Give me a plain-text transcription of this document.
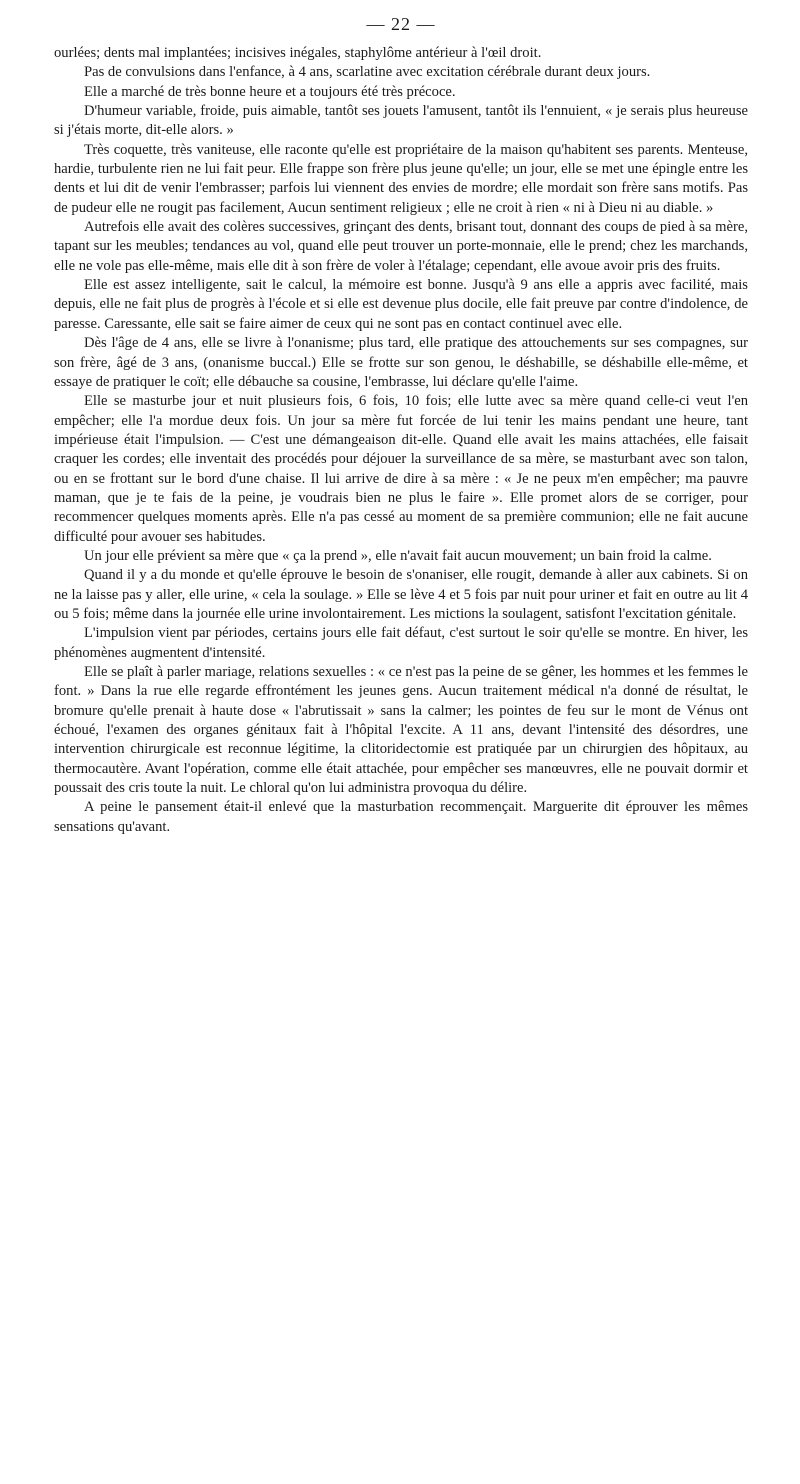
— 22 —

ourlées; dents mal implantées; incisives inégales, staphylôme antérieur à l'œil droit.

Pas de convulsions dans l'enfance, à 4 ans, scarlatine avec excitation cérébrale durant deux jours.

Elle a marché de très bonne heure et a toujours été très précoce.

D'humeur variable, froide, puis aimable, tantôt ses jouets l'amusent, tantôt ils l'ennuient, « je serais plus heureuse si j'étais morte, dit-elle alors. »

Très coquette, très vaniteuse, elle raconte qu'elle est propriétaire de la maison qu'habitent ses parents. Menteuse, hardie, turbulente rien ne lui fait peur. Elle frappe son frère plus jeune qu'elle; un jour, elle se met une épingle entre les dents et lui dit de venir l'embrasser; parfois lui viennent des envies de mordre; elle mordait son frère sans motifs. Pas de pudeur elle ne rougit pas facilement, Aucun sentiment religieux ; elle ne croit à rien « ni à Dieu ni au diable. »

Autrefois elle avait des colères successives, grinçant des dents, brisant tout, donnant des coups de pied à sa mère, tapant sur les meubles; tendances au vol, quand elle peut trouver un porte-monnaie, elle le prend; chez les marchands, elle ne vole pas elle-même, mais elle dit à son frère de voler à l'étalage; cependant, elle avoue avoir pris des fruits.

Elle est assez intelligente, sait le calcul, la mémoire est bonne. Jusqu'à 9 ans elle a appris avec facilité, mais depuis, elle ne fait plus de progrès à l'école et si elle est devenue plus docile, elle fait preuve par contre d'indolence, de paresse. Caressante, elle sait se faire aimer de ceux qui ne sont pas en contact continuel avec elle.

Dès l'âge de 4 ans, elle se livre à l'onanisme; plus tard, elle pratique des attouchements sur ses compagnes, sur son frère, âgé de 3 ans, (onanisme buccal.) Elle se frotte sur son genou, le déshabille, se déshabille elle-même, et essaye de pratiquer le coït; elle débauche sa cousine, l'embrasse, lui déclare qu'elle l'aime.

Elle se masturbe jour et nuit plusieurs fois, 6 fois, 10 fois; elle lutte avec sa mère quand celle-ci veut l'en empêcher; elle l'a mordue deux fois. Un jour sa mère fut forcée de lui tenir les mains pendant une heure, tant impérieuse était l'impulsion. — C'est une démangeaison dit-elle. Quand elle avait les mains attachées, elle faisait craquer les cordes; elle inventait des procédés pour déjouer la surveillance de sa mère, se masturbant avec son talon, ou en se frottant sur le bord d'une chaise. Il lui arrive de dire à sa mère : « Je ne peux m'en empêcher; ma pauvre maman, que je te fais de la peine, je voudrais bien ne plus le faire ». Elle promet alors de se corriger, pour recommencer quelques moments après. Elle n'a pas cessé au moment de sa première communion; elle ne fait aucune difficulté pour avouer ses habitudes.

Un jour elle prévient sa mère que « ça la prend », elle n'avait fait aucun mouvement; un bain froid la calme.

Quand il y a du monde et qu'elle éprouve le besoin de s'onaniser, elle rougit, demande à aller aux cabinets. Si on ne la laisse pas y aller, elle urine, « cela la soulage. » Elle se lève 4 et 5 fois par nuit pour uriner et fait en outre au lit 4 ou 5 fois; même dans la journée elle urine involontairement. Les mictions la soulagent, satisfont l'excitation génitale.

L'impulsion vient par périodes, certains jours elle fait défaut, c'est surtout le soir qu'elle se montre. En hiver, les phénomènes augmentent d'intensité.

Elle se plaît à parler mariage, relations sexuelles : « ce n'est pas la peine de se gêner, les hommes et les femmes le font. » Dans la rue elle regarde effrontément les jeunes gens. Aucun traitement médical n'a donné de résultat, le bromure qu'elle prenait à haute dose « l'abrutissait » sans la calmer; les pointes de feu sur le mont de Vénus ont échoué, l'examen des organes génitaux fait à l'hôpital l'excite. A 11 ans, devant l'intensité des désordres, une intervention chirurgicale est reconnue légitime, la clitoridectomie est pratiquée par un chirurgien des hôpitaux, au thermocautère. Avant l'opération, comme elle était attachée, pour empêcher ses manœuvres, elle ne pouvait dormir et poussait des cris toute la nuit. Le chloral qu'on lui administra provoqua du délire.

A peine le pansement était-il enlevé que la masturbation recommençait. Marguerite dit éprouver les mêmes sensations qu'avant.
